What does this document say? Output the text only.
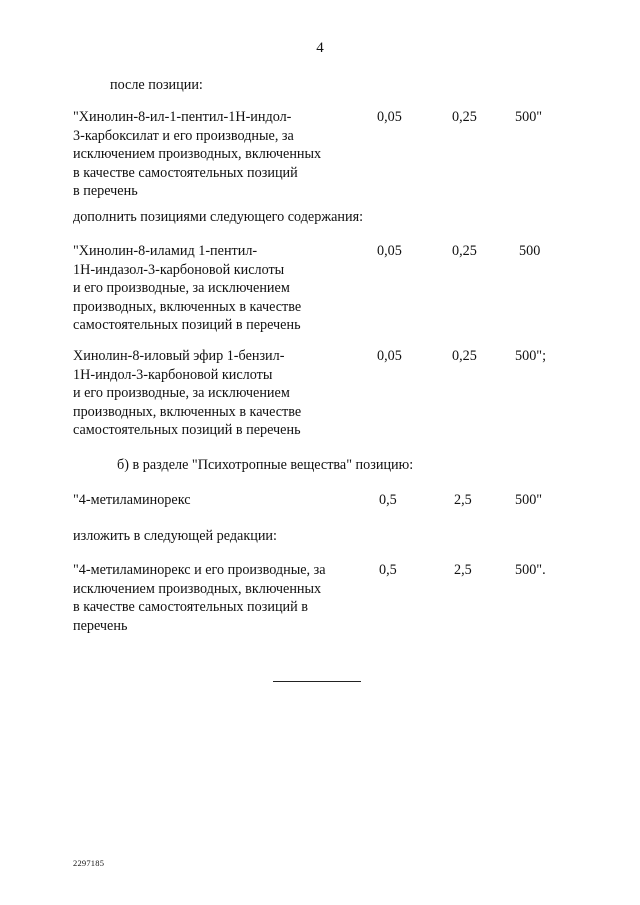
4
после позиции:
"Хинолин-8-ил-1-пентил-1Н-индол-
3-карбоксилат и его производные, за
исключением производных, включенных
в качестве самостоятельных позиций
в перечень
0,05	0,25	500"
дополнить позициями следующего содержания:
"Хинолин-8-иламид 1-пентил-
1Н-индазол-3-карбоновой кислоты
и его производные, за исключением
производных, включенных в качестве
самостоятельных позиций в перечень
0,05	0,25	500
Хинолин-8-иловый эфир 1-бензил-
1Н-индол-3-карбоновой кислоты
и его производные, за исключением
производных, включенных в качестве
самостоятельных позиций в перечень
0,05	0,25	500";
б) в разделе "Психотропные вещества" позицию:
"4-метиламинорекс	0,5	2,5	500"
изложить в следующей редакции:
"4-метиламинорекс и его производные, за
исключением производных, включенных
в качестве самостоятельных позиций в
перечень
0,5	2,5	500".
2297185
